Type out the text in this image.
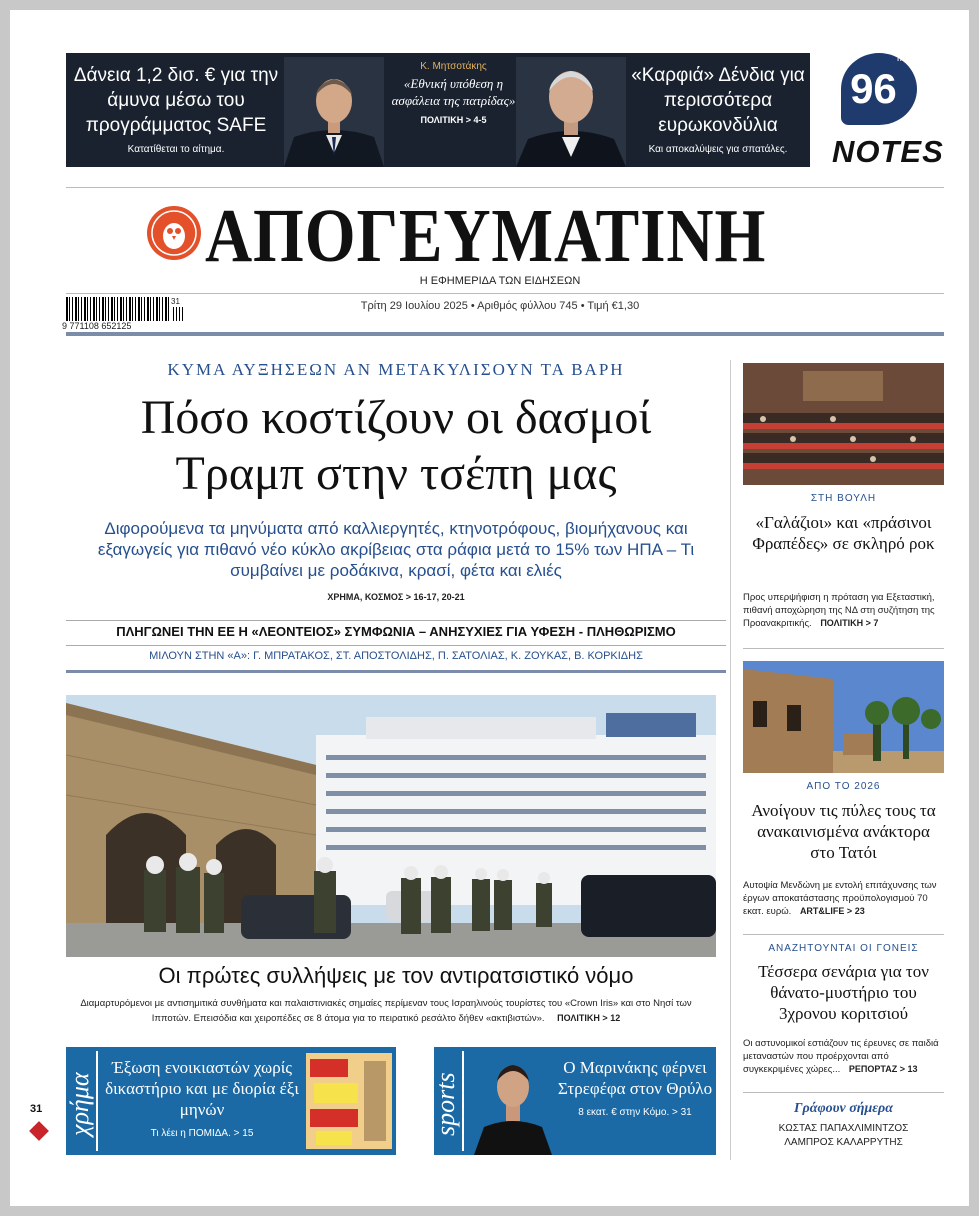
Δάνεια 1,2 δισ. € για την άμυνα μέσω του προγράμματος SAFE
Κατατίθεται το αίτημα.
Κ. Μητσοτάκης
«Εθνική υπόθεση η ασφάλεια της πατρίδας»
ΠΟΛΙΤΙΚΗ > 4-5
«Καρφιά» Δένδια για περισσότερα ευρωκονδύλια
Και αποκαλύψεις για σπατάλες.
$96^{fm}$
NOTES
ΑΠΟΓΕΥΜΑΤΙΝΗ
Η ΕΦΗΜΕΡΙΔΑ ΤΩΝ ΕΙΔΗΣΕΩΝ
31
9 771108 652125
Τρίτη 29 Ιουλίου 2025 • Αριθμός φύλλου 745 • Τιμή €1,30
ΚΥΜΑ ΑΥΞΗΣΕΩΝ ΑΝ ΜΕΤΑΚΥΛΙΣΟΥΝ ΤΑ ΒΑΡΗ
Πόσο κοστίζουν οι δασμοί
Τραμπ στην τσέπη μας
Διφορούμενα τα μηνύματα από καλλιεργητές, κτηνοτρόφους, βιομήχανους και εξαγωγείς για πιθανό νέο κύκλο ακρίβειας στα ράφια μετά το 15% των ΗΠΑ – Τι συμβαίνει με ροδάκινα, κρασί, φέτα και ελιές
ΧΡΗΜΑ, ΚΟΣΜΟΣ > 16-17, 20-21
ΠΛΗΓΩΝΕΙ ΤΗΝ ΕΕ Η «ΛΕΟΝΤΕΙΟΣ» ΣΥΜΦΩΝΙΑ – ΑΝΗΣΥΧΙΕΣ ΓΙΑ ΥΦΕΣΗ - ΠΛΗΘΩΡΙΣΜΟ
ΜΙΛΟΥΝ ΣΤΗΝ «Α»: Γ. ΜΠΡΑΤΑΚΟΣ, ΣΤ. ΑΠΟΣΤΟΛΙΔΗΣ, Π. ΣΑΤΟΛΙΑΣ, Κ. ΖΟΥΚΑΣ, Β. ΚΟΡΚΙΔΗΣ
Οι πρώτες συλλήψεις με τον αντιρατσιστικό νόμο
Διαμαρτυρόμενοι με αντισημιτικά συνθήματα και παλαιστινιακές σημαίες περίμεναν τους Ισραηλινούς τουρίστες του «Crown Iris» και στο Νησί των Ιπποτών. Επεισόδια και χειροπέδες σε 8 άτομα για το πειρατικό ρεσάλτο δήθεν «ακτιβιστών». ΠΟΛΙΤΙΚΗ > 12
χρήμα
Έξωση ενοικιαστών χωρίς δικαστήριο και με διορία έξι μηνών
Τι λέει η ΠΟΜΙΔΑ. > 15	sports
Ο Μαρινάκης φέρνει Στρεφέφα στον Θρύλο
8 εκατ. € στην Κόμο. > 31
31
ΣΤΗ ΒΟΥΛΗ
«Γαλάζιοι» και «πράσινοι Φραπέδες» σε σκληρό ροκ
Προς υπερψήφιση η πρόταση για Εξεταστική, πιθανή αποχώρηση της ΝΔ στη συζήτηση της Προανακριτικής. ΠΟΛΙΤΙΚΗ > 7
ΑΠΟ ΤΟ 2026
Ανοίγουν τις πύλες τους τα ανακαινισμένα ανάκτορα στο Τατόι
Αυτοψία Μενδώνη με εντολή επιτάχυνσης των έργων αποκατάστασης προϋπολογισμού 70 εκατ. ευρώ. ART&LIFE > 23
ΑΝΑΖΗΤΟΥΝΤΑΙ ΟΙ ΓΟΝΕΙΣ
Τέσσερα σενάρια για τον θάνατο-μυστήριο του 3χρονου κοριτσιού
Οι αστυνομικοί εστιάζουν τις έρευνες σε παιδιά μεταναστών που προέρχονται από συγκεκριμένες χώρες... ΡΕΠΟΡΤΑΖ > 13
Γράφουν σήμερα
ΚΩΣΤΑΣ ΠΑΠΑΧΛΙΜΙΝΤΖΟΣ
ΛΑΜΠΡΟΣ ΚΑΛΑΡΡΥΤΗΣ
